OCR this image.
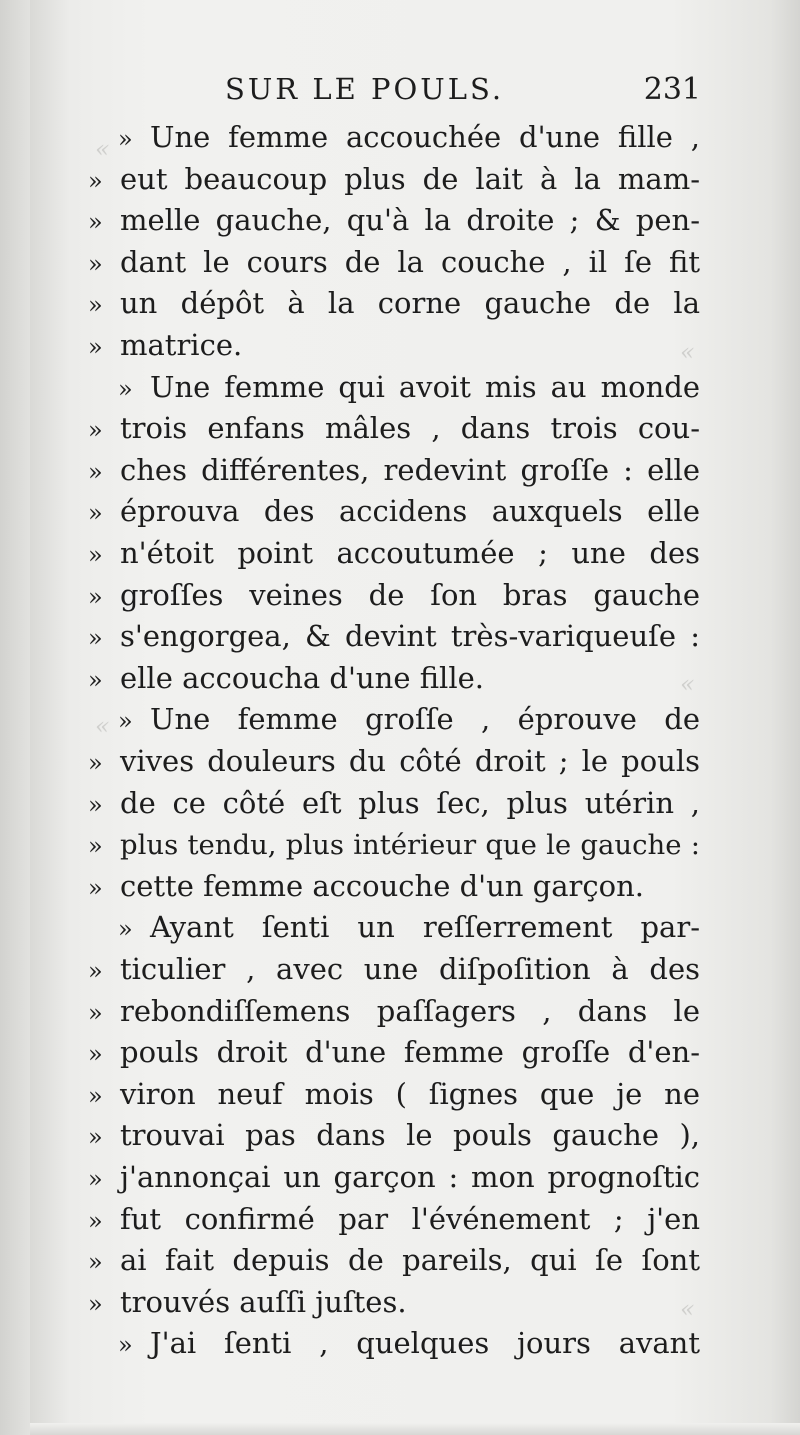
«
«
«
«
«
SUR LE POULS.	231
» Une femme accouchée d'une fille ,
» eut beaucoup plus de lait à la mam-
» melle gauche, qu'à la droite ; & pen-
» dant le cours de la couche , il ſe fit
» un dépôt à la corne gauche de la
» matrice.
» Une femme qui avoit mis au monde
» trois enfans mâles , dans trois cou-
» ches différentes, redevint groſſe : elle
» éprouva des accidens auxquels elle
» n'étoit point accoutumée ; une des
» groſſes veines de ſon bras gauche
» s'engorgea, & devint très-variqueuſe :
» elle accoucha d'une fille.
» Une femme groſſe , éprouve de
» vives douleurs du côté droit ; le pouls
» de ce côté eſt plus ſec, plus utérin ,
» plus tendu, plus intérieur que le gauche :
» cette femme accouche d'un garçon.
» Ayant ſenti un reſſerrement par-
» ticulier , avec une diſpoſition à des
» rebondiſſemens paſſagers , dans le
» pouls droit d'une femme groſſe d'en-
» viron neuf mois ( ſignes que je ne
» trouvai pas dans le pouls gauche ),
» j'annonçai un garçon : mon prognoſtic
» fut confirmé par l'événement ; j'en
» ai fait depuis de pareils, qui ſe ſont
» trouvés auſſi juſtes.
» J'ai ſenti , quelques jours avant
